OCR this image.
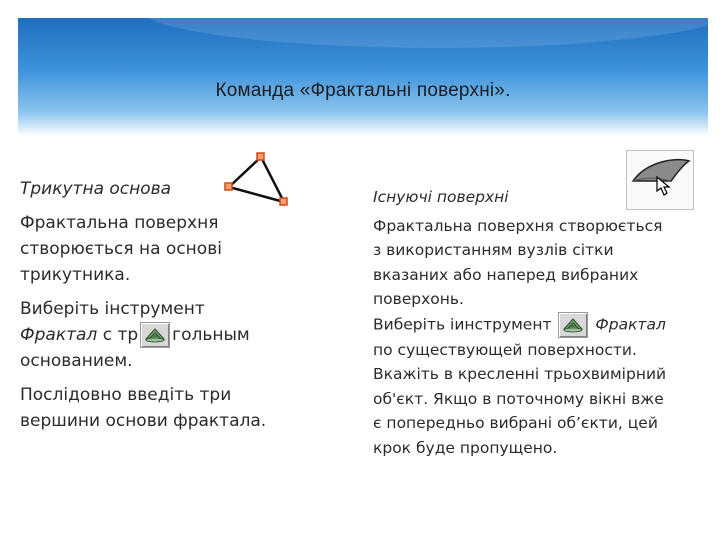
Команда «Фрактальні поверхні».

Трикутна основа

Фрактальна поверхня

створюється на основі

трикутника.

Виберіть інструмент

Фрактал с тр гольным

основанием.

Послідовно введіть три

вершини основи фрактала.

Існуючі поверхні

Фрактальна поверхня створюється

з використанням вузлів сітки

вказаних або наперед вибраних

поверхонь.

Виберіть іинструмент	Фрактал

по существующей поверхности.

Вкажіть в кресленні трьохвимірний

об'єкт. Якщо в поточному вікні вже

є попередньо вибрані об’єкти, цей

крок буде пропущено.
